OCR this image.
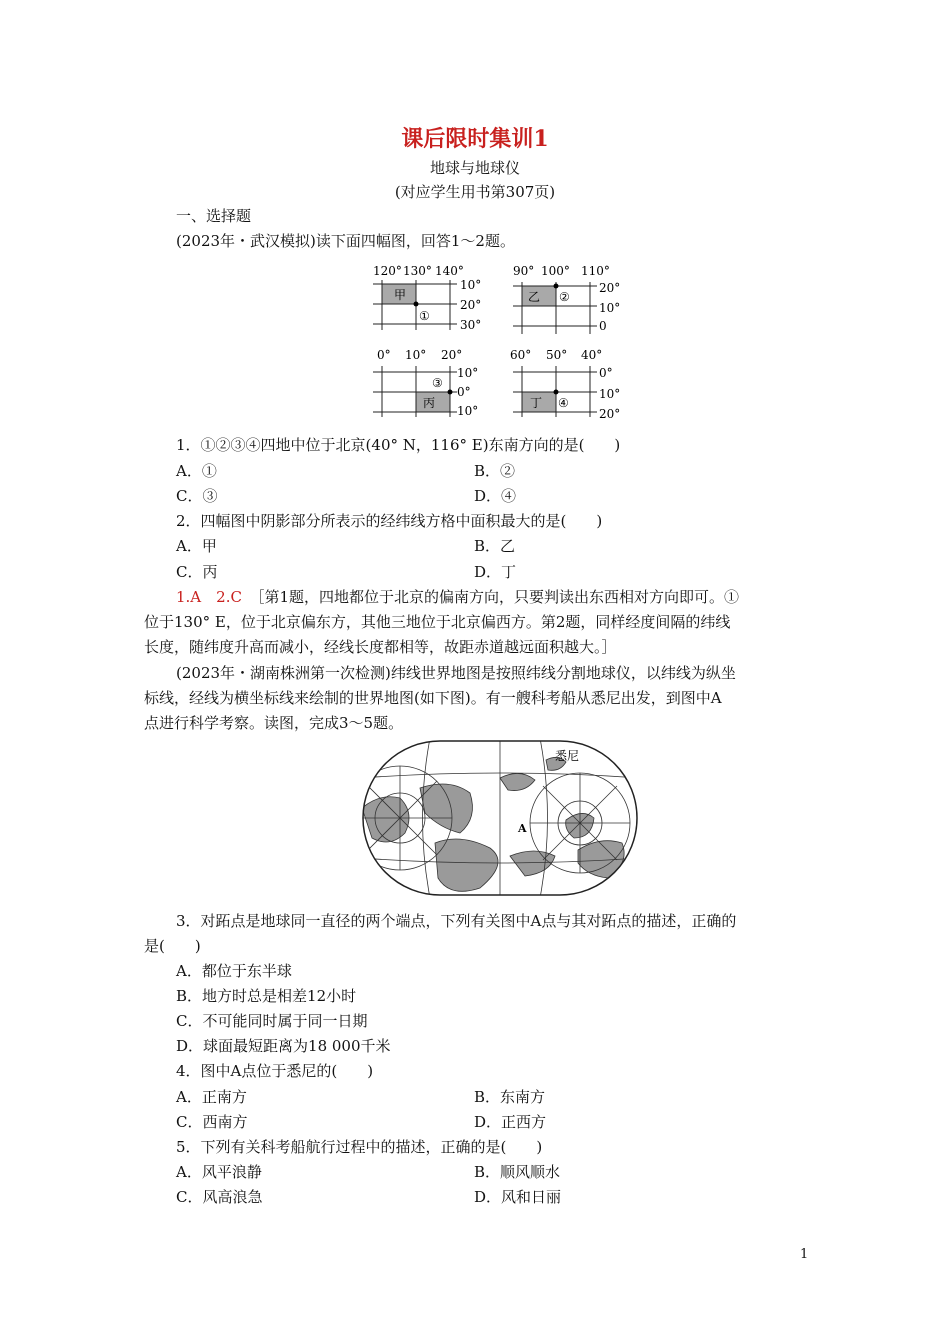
课后限时集训1
地球与地球仪
(对应学生用书第307页)
一、选择题
(2023年・武汉模拟)读下面四幅图，回答1～2题。
120° 130° 140°
甲
①
10°
20°
30°
90° 100° 110°
乙 ②
20°
10°
0
0° 10° 20°
丙
③
10°
0°
10°
60° 50° 40°
丁 ④
0°
10°
20°
1．①②③④四地中位于北京(40° N，116° E)东南方向的是(　　)
A．①	B．②
C．③	D．④
2．四幅图中阴影部分所表示的经纬线方格中面积最大的是(　　)
A．甲	B．乙
C．丙	D．丁
1.A　2.C　 ［第1题，四地都位于北京的偏南方向，只要判读出东西相对方向即可。①
位于130° E，位于北京偏东方，其他三地位于北京偏西方。第2题，同样经度间隔的纬线
长度，随纬度升高而减小，经线长度都相等，故距赤道越远面积越大。］
(2023年・湖南株洲第一次检测)纬线世界地图是按照纬线分割地球仪，以纬线为纵坐
标线，经线为横坐标线来绘制的世界地图(如下图)。有一艘科考船从悉尼出发，到图中A
点进行科学考察。读图，完成3～5题。
悉尼
A
3．对跖点是地球同一直径的两个端点，下列有关图中A点与其对跖点的描述，正确的
是(　　)
A．都位于东半球
B．地方时总是相差12小时
C．不可能同时属于同一日期
D．球面最短距离为18 000千米
4．图中A点位于悉尼的(　　)
A．正南方	B．东南方
C．西南方	D．正西方
5．下列有关科考船航行过程中的描述，正确的是(　　)
A．风平浪静	B．顺风顺水
C．风高浪急	D．风和日丽
1
